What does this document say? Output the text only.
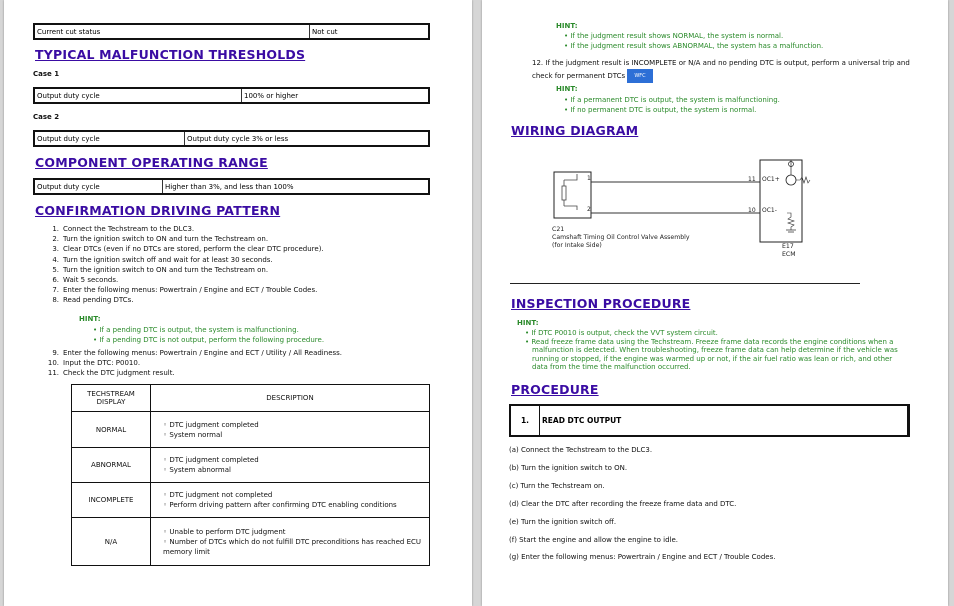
Current cut status	Not cut
TYPICAL MALFUNCTION THRESHOLDS
Case 1
Output duty cycle	100% or higher
Case 2
Output duty cycle	Output duty cycle 3% or less
COMPONENT OPERATING RANGE
Output duty cycle	Higher than 3%, and less than 100%
CONFIRMATION DRIVING PATTERN
1. Connect the Techstream to the DLC3.
2. Turn the ignition switch to ON and turn the Techstream on.
3. Clear DTCs (even if no DTCs are stored, perform the clear DTC procedure).
4. Turn the ignition switch off and wait for at least 30 seconds.
5. Turn the ignition switch to ON and turn the Techstream on.
6. Wait 5 seconds.
7. Enter the following menus: Powertrain / Engine and ECT / Trouble Codes.
8. Read pending DTCs.
HINT:
• If a pending DTC is output, the system is malfunctioning.
• If a pending DTC is not output, perform the following procedure.
9. Enter the following menus: Powertrain / Engine and ECT / Utility / All Readiness.
10. Input the DTC: P0010.
11. Check the DTC judgment result.
TECHSTREAM DISPLAY	DESCRIPTION
NORMAL	◦ DTC judgment completed
◦ System normal

ABNORMAL	◦ DTC judgment completed
◦ System abnormal

INCOMPLETE	◦ DTC judgment not completed
◦ Perform driving pattern after confirming DTC enabling conditions

N/A	◦ Unable to perform DTC judgment
◦ Number of DTCs which do not fulfill DTC preconditions has reached ECU memory limit
HINT:
• If the judgment result shows NORMAL, the system is normal.
• If the judgment result shows ABNORMAL, the system has a malfunction.
12. If the judgment result is INCOMPLETE or N/A and no pending DTC is output, perform a universal trip and check for permanent DTCs WFC
HINT:
• If a permanent DTC is output, the system is malfunctioning.
• If no permanent DTC is output, the system is normal.
WIRING DIAGRAM
1
2
11 OC1+
10 OC1-
C21
Camshaft Timing Oil Control Valve Assembly
(for Intake Side)	E17
ECM
INSPECTION PROCEDURE
HINT:
• If DTC P0010 is output, check the VVT system circuit.
• Read freeze frame data using the Techstream. Freeze frame data records the engine conditions when a malfunction is detected. When troubleshooting, freeze frame data can help determine if the vehicle was running or stopped, if the engine was warmed up or not, if the air fuel ratio was lean or rich, and other data from the time the malfunction occurred.
PROCEDURE
1.	READ DTC OUTPUT
(a) Connect the Techstream to the DLC3.
(b) Turn the ignition switch to ON.
(c) Turn the Techstream on.
(d) Clear the DTC after recording the freeze frame data and DTC.
(e) Turn the ignition switch off.
(f) Start the engine and allow the engine to idle.
(g) Enter the following menus: Powertrain / Engine and ECT / Trouble Codes.
